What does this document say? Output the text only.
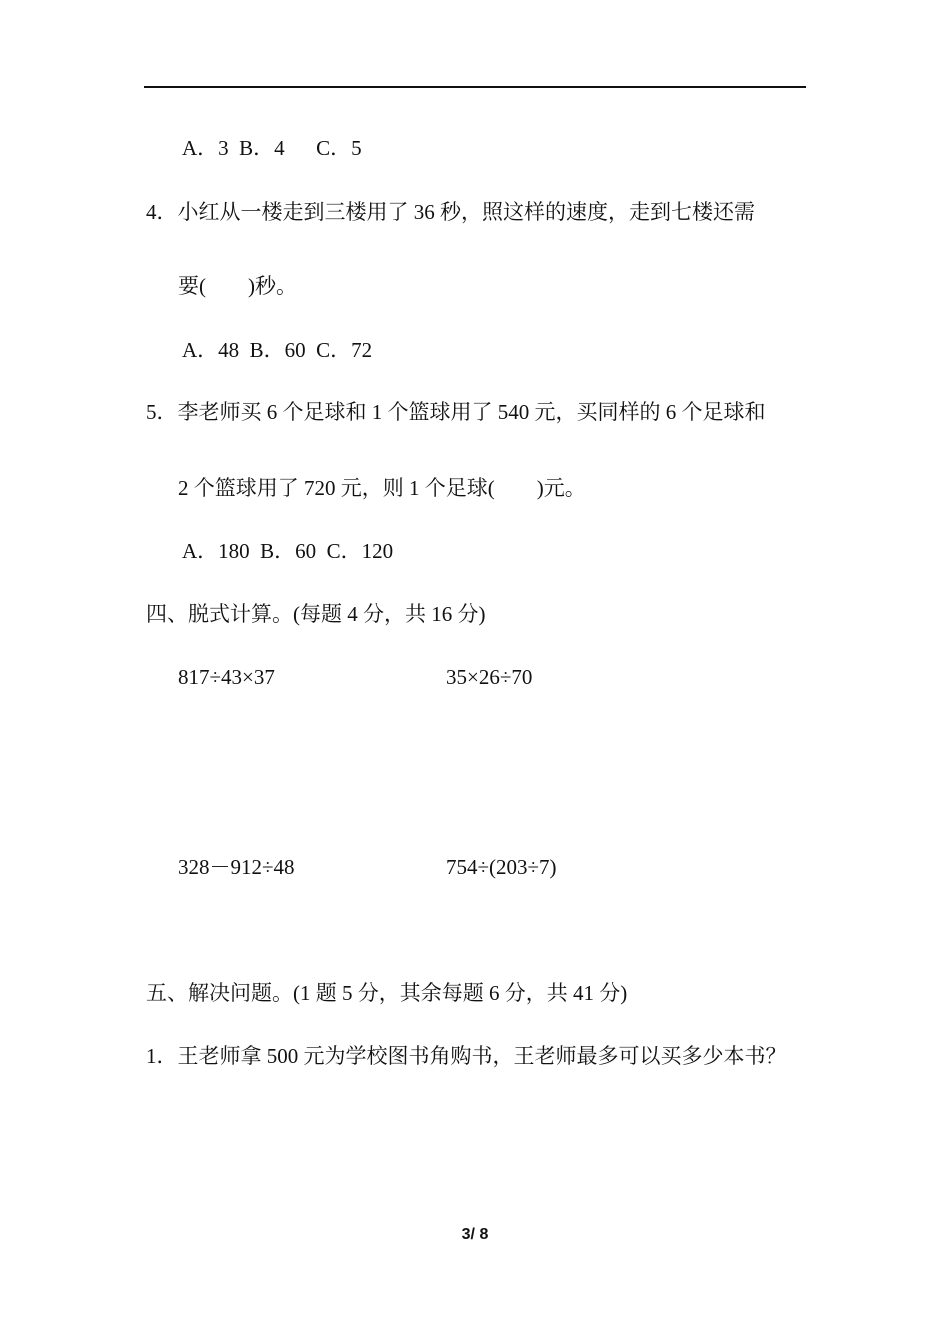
A．3  B．4      C．5
4．小红从一楼走到三楼用了 36 秒，照这样的速度，走到七楼还需
要(        )秒。
A．48  B．60  C．72
5．李老师买 6 个足球和 1 个篮球用了 540 元，买同样的 6 个足球和
2 个篮球用了 720 元，则 1 个足球(        )元。
A．180  B．60  C．120
四、脱式计算。(每题 4 分，共 16 分)
817÷43×37	35×26÷70
328－912÷48	754÷(203÷7)
五、解决问题。(1 题 5 分，其余每题 6 分，共 41 分)
1．王老师拿 500 元为学校图书角购书，王老师最多可以买多少本书？
3/ 8
